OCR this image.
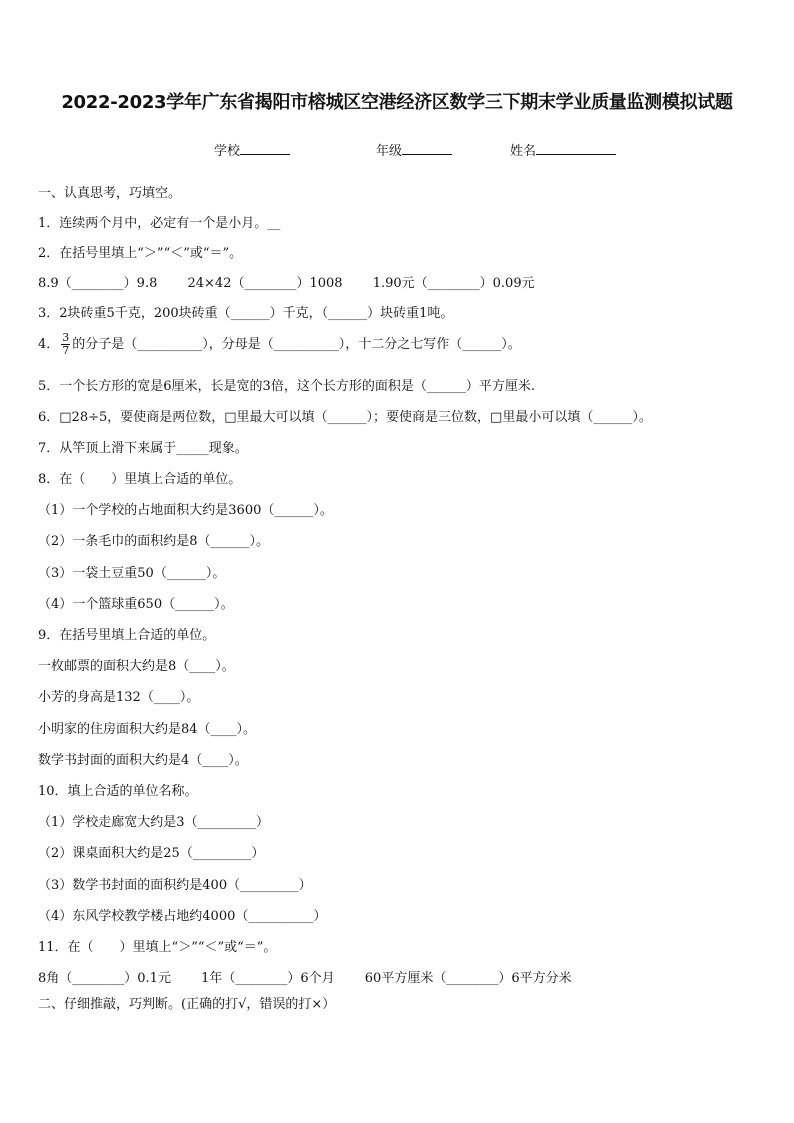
2022-2023学年广东省揭阳市榕城区空港经济区数学三下期末学业质量监测模拟试题
学校	年级	姓名
一、认真思考，巧填空。
1．连续两个月中，必定有一个是小月。__
2．在括号里填上“＞”“＜”或“＝”。
8.9（________）9.8 24×42（________）1008 1.90元（________）0.09元
3．2块砖重5千克，200块砖重（______）千克，（______）块砖重1吨。
4． $\frac{3}{7}$ 的分子是（__________），分母是（__________），十二分之七写作（______）。
5．一个长方形的宽是6厘米，长是宽的3倍，这个长方形的面积是（______）平方厘米.
6．□28÷5，要使商是两位数，□里最大可以填（______）；要使商是三位数，□里最小可以填（______）。
7．从竿顶上滑下来属于_____现象。
8．在（　　）里填上合适的单位。
（1）一个学校的占地面积大约是3600（______）。
（2）一条毛巾的面积约是8（______）。
（3）一袋土豆重50（______）。
（4）一个篮球重650（______）。
9．在括号里填上合适的单位。
一枚邮票的面积大约是8（____）。
小芳的身高是132（____）。
小明家的住房面积大约是84（____）。
数学书封面的面积大约是4（____）。
10．填上合适的单位名称。
（1）学校走廊宽大约是3（_________）
（2）课桌面积大约是25（_________）
（3）数学书封面的面积约是400（_________）
（4）东风学校教学楼占地约4000（__________）
11．在（　　）里填上“＞”“＜”或“＝”。
8角（________）0.1元 1年（________）6个月 60平方厘米（________）6平方分米
二、仔细推敲，巧判断。(正确的打√，错误的打×）
